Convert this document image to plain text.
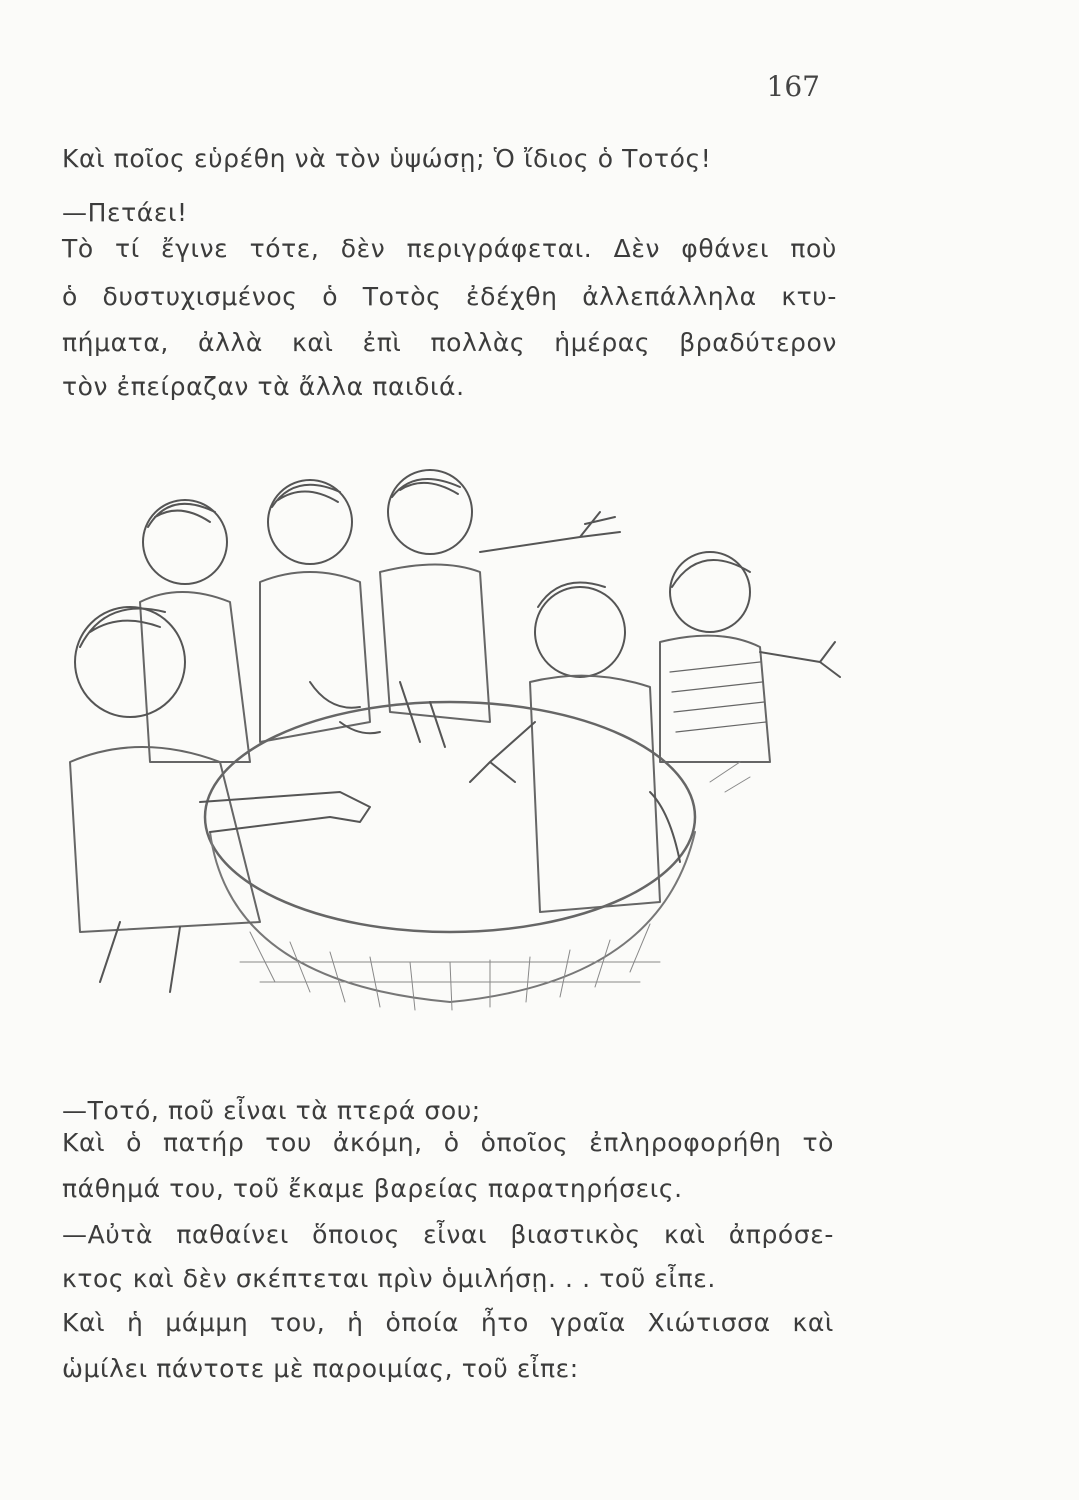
167
Καὶ ποῖος εὑρέθη νὰ τὸν ὑψώσῃ; Ὁ ἴδιος ὁ Τοτός!
—Πετάει!
Τὸ τί ἔγινε τότε, δὲν περιγράφεται. Δὲν φθάνει ποὺ
ὁ δυστυχισμένος ὁ Τοτὸς ἐδέχθη ἀλλεπάλληλα κτυ-
πήματα, ἀλλὰ καὶ ἐπὶ πολλὰς ἡμέρας βραδύτερον
τὸν ἐπείραζαν τὰ ἄλλα παιδιά.
—Τοτό, ποῦ εἶναι τὰ πτερά σου;
Καὶ ὁ πατήρ του ἀκόμη, ὁ ὁποῖος ἐπληροφορήθη τὸ
πάθημά του, τοῦ ἔκαμε βαρείας παρατηρήσεις.
—Αὐτὰ παθαίνει ὅποιος εἶναι βιαστικὸς καὶ ἀπρόσε-
κτος καὶ δὲν σκέπτεται πρὶν ὁμιλήσῃ. . . τοῦ εἶπε.
Καὶ ἡ μάμμη του, ἡ ὁποία ἦτο γραῖα Χιώτισσα καὶ
ὡμίλει πάντοτε μὲ παροιμίας, τοῦ εἶπε:
